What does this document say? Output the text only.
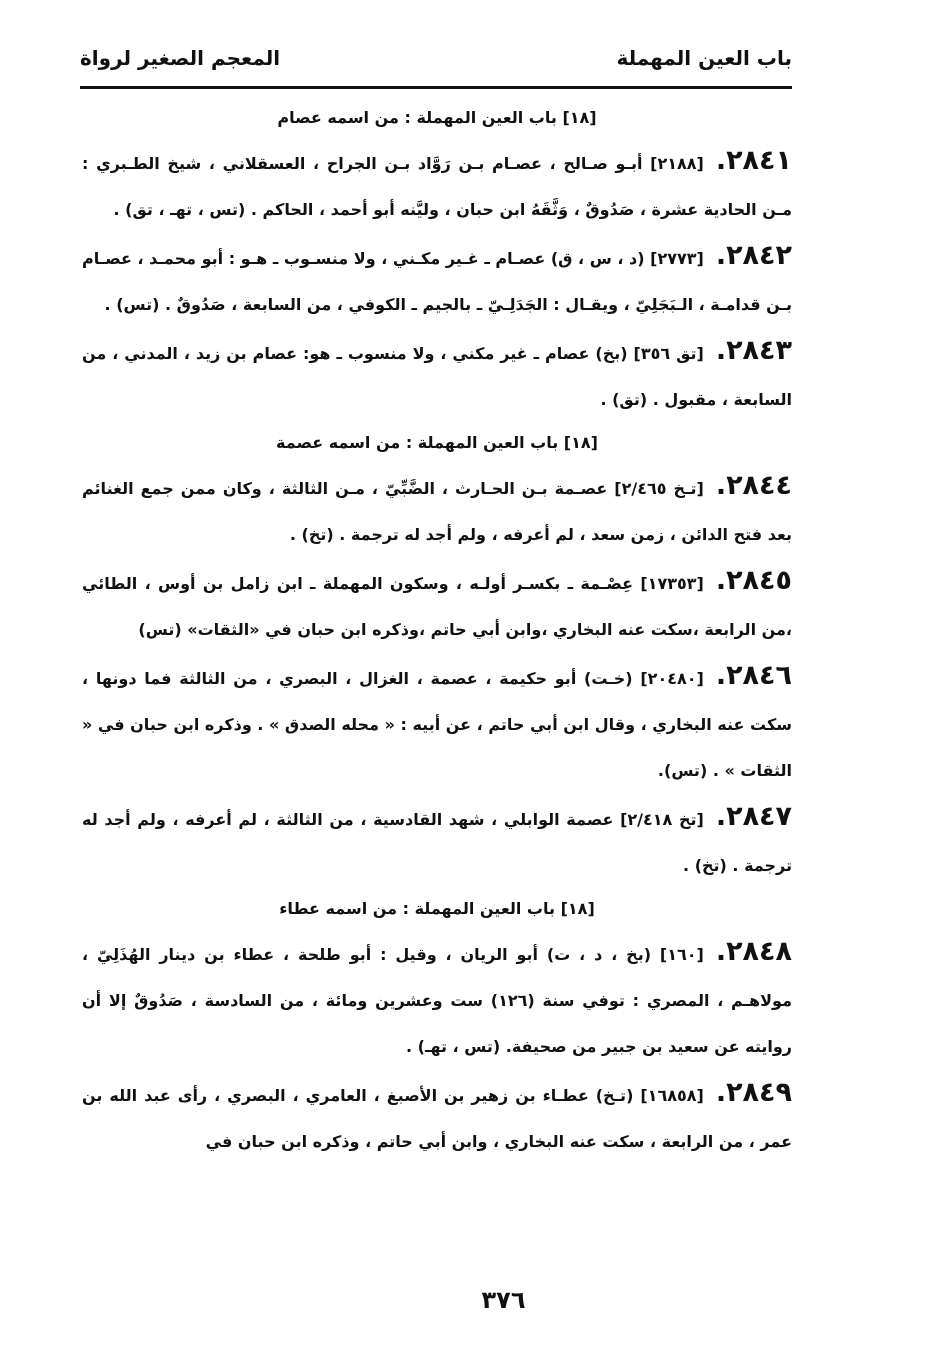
باب العين المهملة
المعجم الصغير لرواة

[١٨] باب العين المهملة : من اسمه عصام

٢٨٤١.[٢١٨٨] أبـو صـالح ، عصـام بـن رَوَّاد بـن الجراح ، العسقلاني ، شيخ الطـبري : مـن الحادية عشرة ، صَدُوقٌ ، وَثَّقَهُ ابن حبان ، وليَّنه أبو أحمد ، الحاكم . (تس ، تهـ ، تق) .

٢٨٤٢.[٢٧٧٣] (د ، س ، ق) عصـام ـ غـير مكـني ، ولا منسـوب ـ هـو : أبو محمـد ، عصـام بـن قدامـة ، الـبَجَلِيّ ، ويقـال : الجَدَلِـيّ ـ بالجيم ـ الكوفي ، من السابعة ، صَدُوقٌ . (تس) .

٢٨٤٣.[تق ٣٥٦] (بخ) عصام ـ غير مكني ، ولا منسوب ـ هو: عصام بن زيد ، المدني ، من السابعة ، مقبول . (تق) .

[١٨] باب العين المهملة : من اسمه عصمة

٢٨٤٤.[تـخ ٢/٤٦٥] عصـمة بـن الحـارث ، الضَّبِّيّ ، مـن الثالثة ، وكان ممن جمع الغنائم بعد فتح الدائن ، زمن سعد ، لم أعرفه ، ولم أجد له ترجمة . (تخ) .

٢٨٤٥.[١٧٣٥٣] عِصْـمة ـ بكسـر أولـه ، وسكون المهملة ـ ابن زامل بن أوس ، الطائي ،من الرابعة ،سكت عنه البخاري ،وابن أبي حاتم ،وذكره ابن حبان في «الثقات» (تس)

٢٨٤٦.[٢٠٤٨٠] (خـت) أبو حكيمة ، عصمة ، الغزال ، البصري ، من الثالثة فما دونها ، سكت عنه البخاري ، وقال ابن أبي حاتم ، عن أبيه : « محله الصدق » . وذكره ابن حبان في « الثقات » . (تس).

٢٨٤٧.[تخ ٢/٤١٨] عصمة الوابلي ، شهد القادسية ، من الثالثة ، لم أعرفه ، ولم أجد له ترجمة . (تخ) .

[١٨] باب العين المهملة : من اسمه عطاء

٢٨٤٨.[١٦٠] (بخ ، د ، ت) أبو الريان ، وقيل : أبو طلحة ، عطاء بن دينار الهُذَلِيّ ، مولاهـم ، المصري : توفي سنة (١٢٦) ست وعشرين ومائة ، من السادسة ، صَدُوقٌ إلا أن روايته عن سعيد بن جبير من صحيفة. (تس ، تهـ) .

٢٨٤٩.[١٦٨٥٨] (تـخ) عطـاء بن زهير بن الأصبغ ، العامري ، البصري ، رأى عبد الله بن عمر ، من الرابعة ، سكت عنه البخاري ، وابن أبي حاتم ، وذكره ابن حبان في

٣٧٦
